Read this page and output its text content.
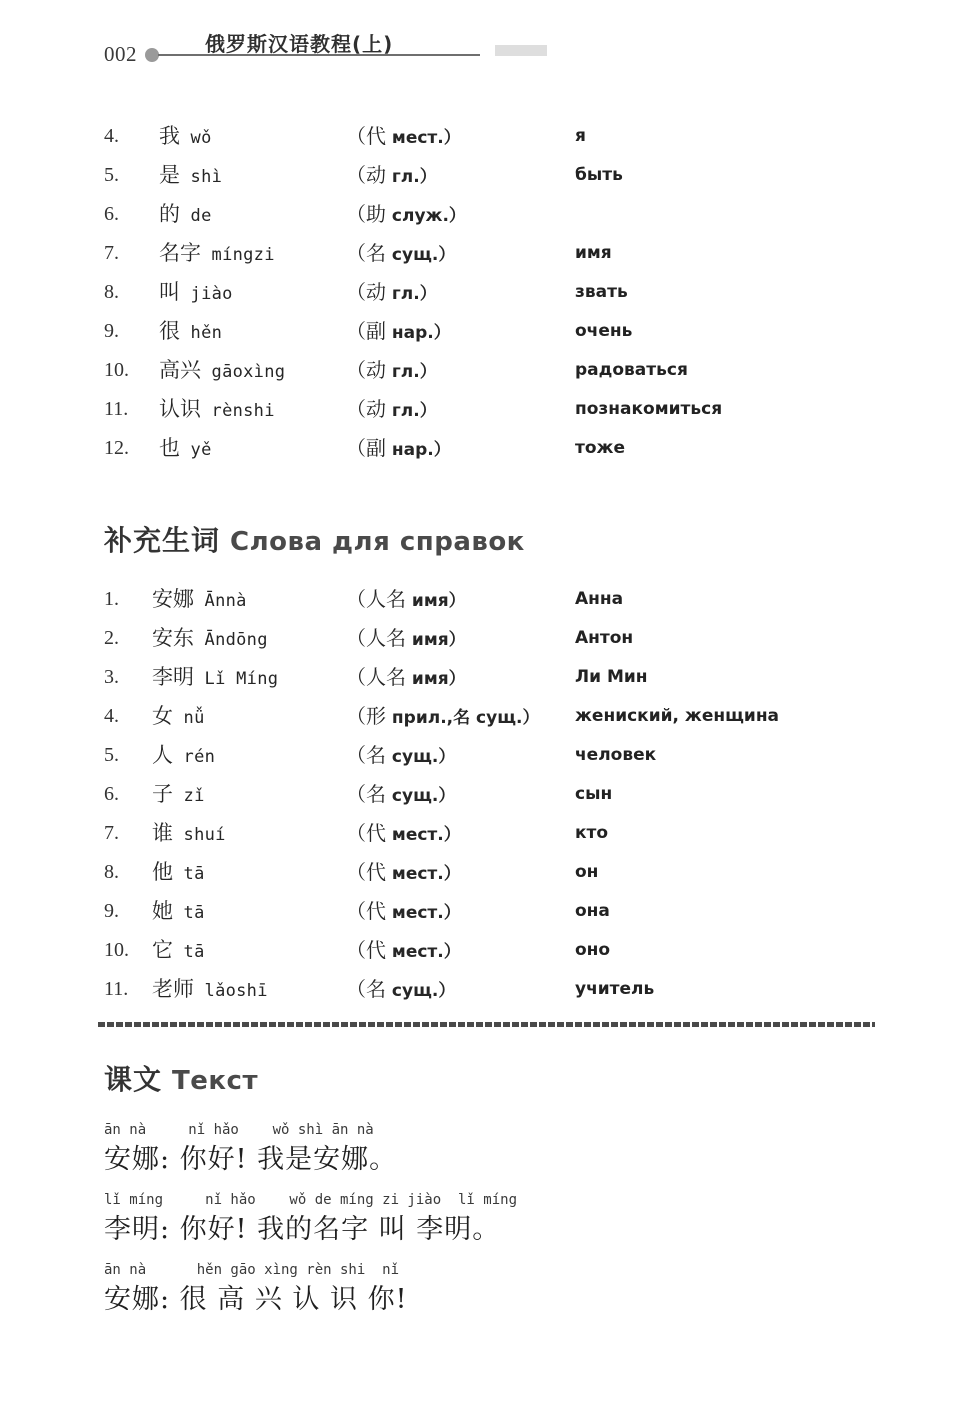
002	俄罗斯汉语教程(上)
4.	我 wǒ	（代 мест.）	я
5.	是 shì	（动 гл.）	быть
6.	的 de	（助 служ.）
7.	名字 míngzi	（名 сущ.）	имя
8.	叫 jiào	（动 гл.）	звать
9.	很 hěn	（副 нар.）	очень
10.	高兴 gāoxìng	（动 гл.）	радоваться
11.	认识 rènshi	（动 гл.）	познакомиться
12.	也 yě	（副 нар.）	тоже
补充生词 Слова для справок
1.	安娜 Ānnà	（人名 имя）	Анна
2.	安东 Āndōng	（人名 имя）	Антон
3.	李明 Lǐ Míng	（人名 имя）	Ли Мин
4.	女 nǚ	（形 прил.,名 сущ.） жениский, женщина
5.	人 rén	（名 сущ.）	человек
6.	子 zǐ	（名 сущ.）	сын
7.	谁 shuí	（代 мест.）	кто
8.	他 tā	（代 мест.）	он
9.	她 tā	（代 мест.）	она
10.	它 tā	（代 мест.）	оно
11.	老师 lǎoshī	（名 сущ.）	учитель
课文 Текст
ān nà     nǐ hǎo    wǒ shì ān nà
安娜: 你好! 我是安娜。
lǐ míng     nǐ hǎo    wǒ de míng zi jiào  lǐ míng
李明: 你好! 我的名字 叫 李明。
ān nà      hěn gāo xìng rèn shi  nǐ
安娜: 很 高 兴 认 识 你!
